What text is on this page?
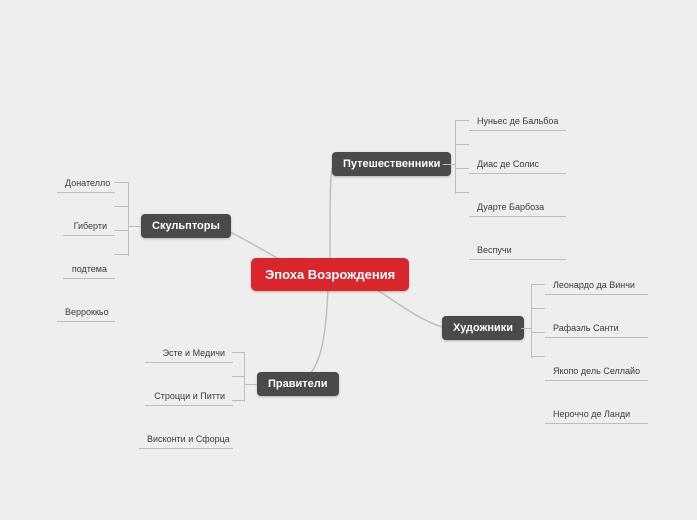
Эпоха Возрождения
Путешественники
Нуньес де Бальбоа
Диас де Солис
Дуарте Барбоза
Веспучи
Скульпторы
Донателло
Гиберти
подтема
Верроккьо
Художники
Леонардо да Винчи
Рафаэль Санти
Якопо дель Селлайо
Нероччо де Ланди
Правители
Эсте и Медичи
Строцци и Питти
Висконти и Сфорца
